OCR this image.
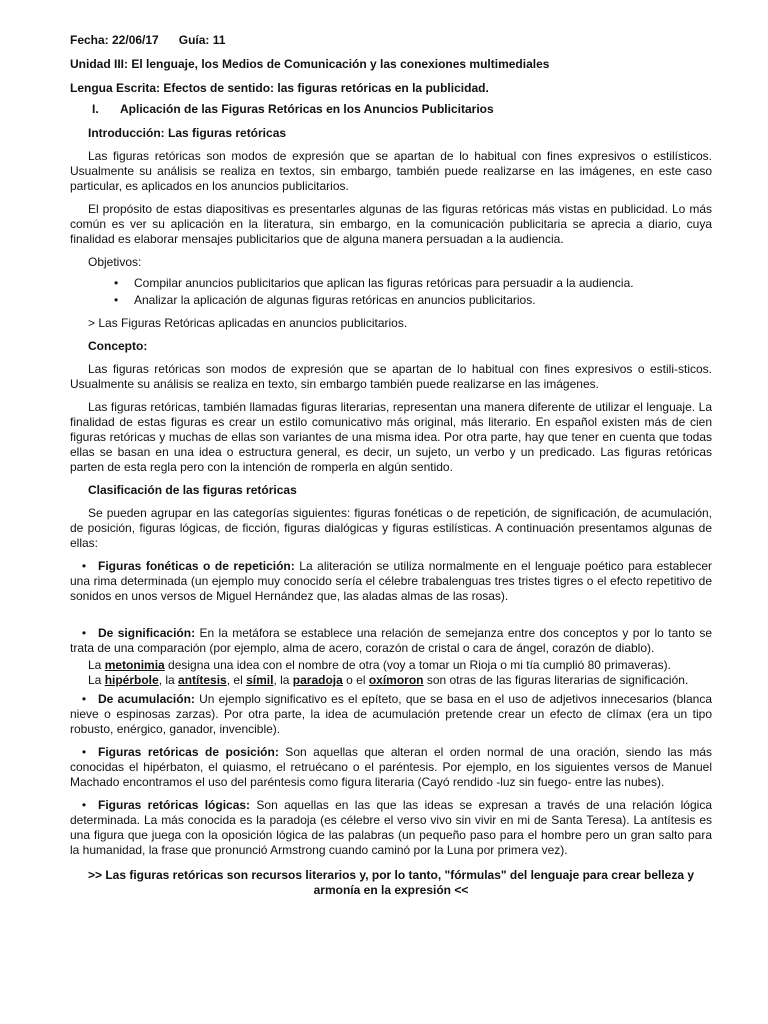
Fecha: 22/06/17 Guía: 11

Unidad III: El lenguaje, los Medios de Comunicación y las conexiones multimediales

Lengua Escrita: Efectos de sentido: las figuras retóricas en la publicidad.

I. Aplicación de las Figuras Retóricas en los Anuncios Publicitarios

Introducción: Las figuras retóricas

Las figuras retóricas son modos de expresión que se apartan de lo habitual con fines expresivos o estilísticos. Usualmente su análisis se realiza en textos, sin embargo, también puede realizarse en las imágenes, en este caso particular, es aplicados en los anuncios publicitarios.

El propósito de estas diapositivas es presentarles algunas de las figuras retóricas más vistas en publicidad. Lo más común es ver su aplicación en la literatura, sin embargo, en la comunicación publicitaria se aprecia a diario, cuya finalidad es elaborar mensajes publicitarios que de alguna manera persuadan a la audiencia.

Objetivos:

• Compilar anuncios publicitarios que aplican las figuras retóricas para persuadir a la audiencia.
• Analizar la aplicación de algunas figuras retóricas en anuncios publicitarios.

> Las Figuras Retóricas aplicadas en anuncios publicitarios.

Concepto:

Las figuras retóricas son modos de expresión que se apartan de lo habitual con fines expresivos o estili-sticos. Usualmente su análisis se realiza en texto, sin embargo también puede realizarse en las imágenes.

Las figuras retóricas, también llamadas figuras literarias, representan una manera diferente de utilizar el lenguaje. La finalidad de estas figuras es crear un estilo comunicativo más original, más literario. En español existen más de cien figuras retóricas y muchas de ellas son variantes de una misma idea. Por otra parte, hay que tener en cuenta que todas ellas se basan en una idea o estructura general, es decir, un sujeto, un verbo y un predicado. Las figuras retóricas parten de esta regla pero con la intención de romperla en algún sentido.

Clasificación de las figuras retóricas

Se pueden agrupar en las categorías siguientes: figuras fonéticas o de repetición, de significación, de acumulación, de posición, figuras lógicas, de ficción, figuras dialógicas y figuras estilísticas. A continuación presentamos algunas de ellas:

• Figuras fonéticas o de repetición: La aliteración se utiliza normalmente en el lenguaje poético para establecer una rima determinada (un ejemplo muy conocido sería el célebre trabalenguas tres tristes tigres o el efecto repetitivo de sonidos en unos versos de Miguel Hernández que, las aladas almas de las rosas).

• De significación: En la metáfora se establece una relación de semejanza entre dos conceptos y por lo tanto se trata de una comparación (por ejemplo, alma de acero, corazón de cristal o cara de ángel, corazón de diablo).

La metonimia designa una idea con el nombre de otra (voy a tomar un Rioja o mi tía cumplió 80 primaveras).

La hipérbole, la antítesis, el símil, la paradoja o el oxímoron son otras de las figuras literarias de significación.

• De acumulación: Un ejemplo significativo es el epíteto, que se basa en el uso de adjetivos innecesarios (blanca nieve o espinosas zarzas). Por otra parte, la idea de acumulación pretende crear un efecto de clímax (era un tipo robusto, enérgico, ganador, invencible).

• Figuras retóricas de posición: Son aquellas que alteran el orden normal de una oración, siendo las más conocidas el hipérbaton, el quiasmo, el retruécano o el paréntesis. Por ejemplo, en los siguientes versos de Manuel Machado encontramos el uso del paréntesis como figura literaria (Cayó rendido -luz sin fuego- entre las nubes).

• Figuras retóricas lógicas: Son aquellas en las que las ideas se expresan a través de una relación lógica determinada. La más conocida es la paradoja (es célebre el verso vivo sin vivir en mi de Santa Teresa). La antítesis es una figura que juega con la oposición lógica de las palabras (un pequeño paso para el hombre pero un gran salto para la humanidad, la frase que pronunció Armstrong cuando caminó por la Luna por primera vez).

>> Las figuras retóricas son recursos literarios y, por lo tanto, "fórmulas" del lenguaje para crear belleza y armonía en la expresión <<
